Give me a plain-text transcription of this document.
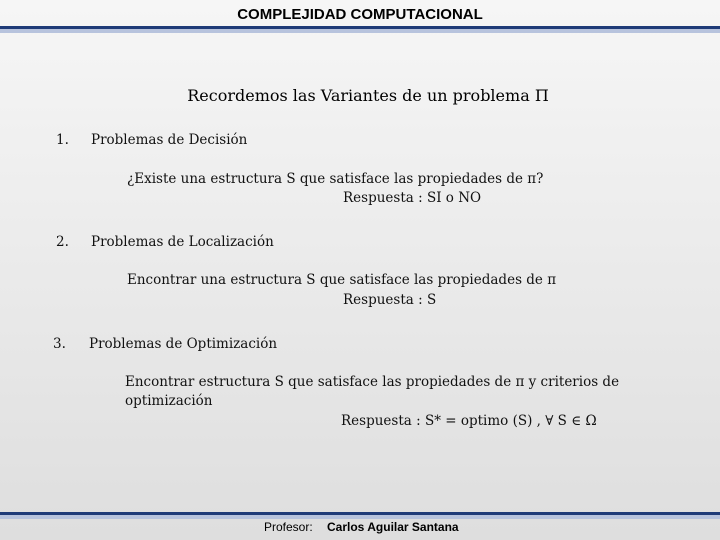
COMPLEJIDAD COMPUTACIONAL
Recordemos las Variantes de un problema Π
1. Problemas de Decisión
¿Existe una estructura S que satisface las propiedades de π?
Respuesta : SI o NO
2. Problemas de Localización
Encontrar una estructura S que satisface las propiedades de π
Respuesta : S
3. Problemas de Optimización
Encontrar estructura S que satisface las propiedades de π y criterios de
optimización
Respuesta : S* = optimo (S) , ∀ S ∈ Ω
Profesor: Carlos Aguilar Santana
